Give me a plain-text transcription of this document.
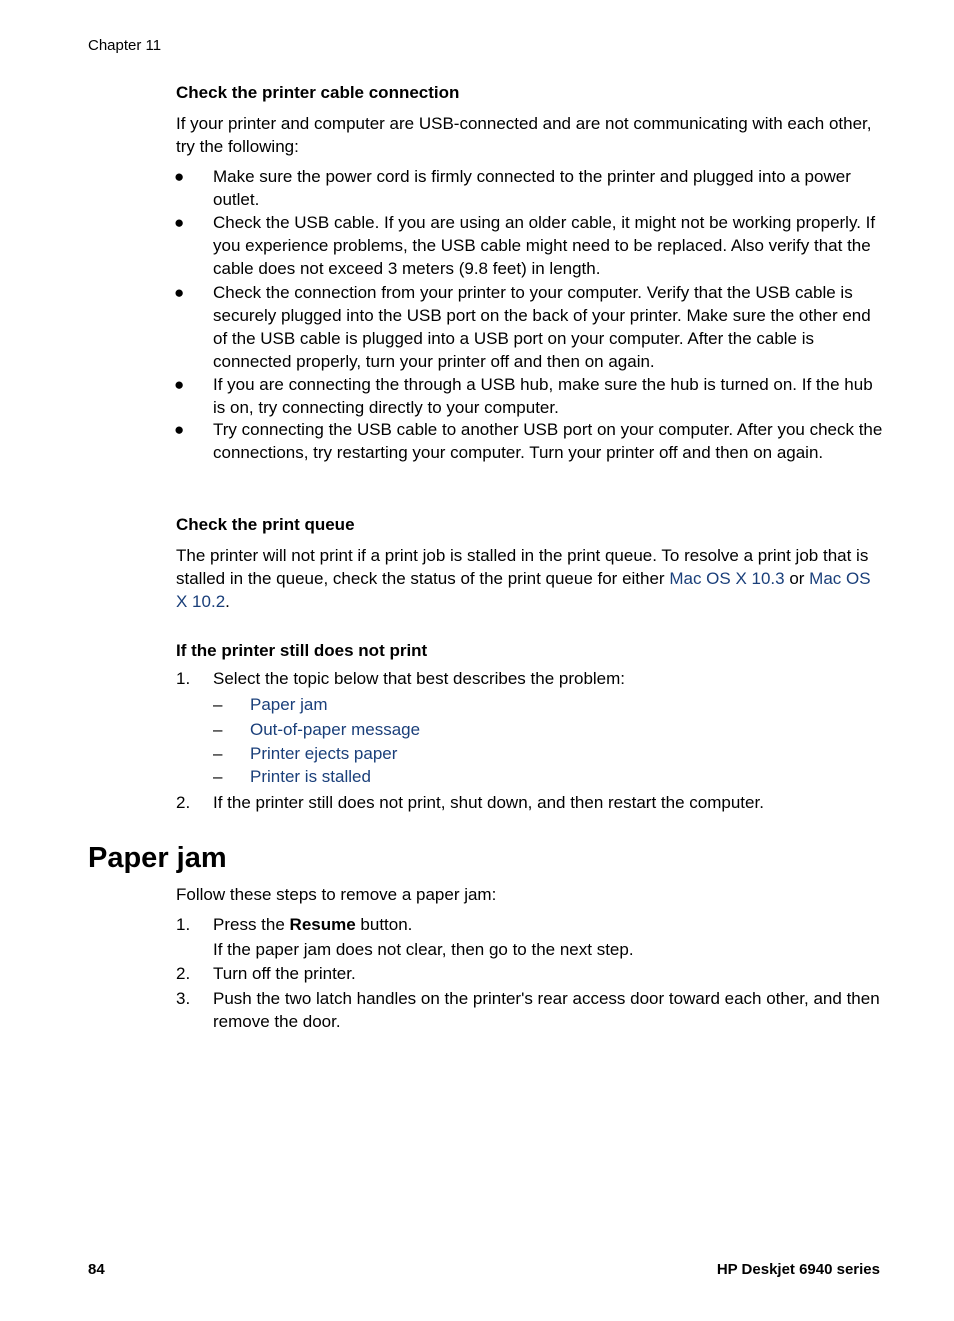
Chapter 11
Check the printer cable connection
If your printer and computer are USB-connected and are not communicating with each other, try the following:
●	Make sure the power cord is firmly connected to the printer and plugged into a power outlet.
●	Check the USB cable. If you are using an older cable, it might not be working properly. If you experience problems, the USB cable might need to be replaced. Also verify that the cable does not exceed 3 meters (9.8 feet) in length.
●	Check the connection from your printer to your computer. Verify that the USB cable is securely plugged into the USB port on the back of your printer. Make sure the other end of the USB cable is plugged into a USB port on your computer. After the cable is connected properly, turn your printer off and then on again.
●	If you are connecting the through a USB hub, make sure the hub is turned on. If the hub is on, try connecting directly to your computer.
●	Try connecting the USB cable to another USB port on your computer. After you check the connections, try restarting your computer. Turn your printer off and then on again.
Check the print queue
The printer will not print if a print job is stalled in the print queue. To resolve a print job that is stalled in the queue, check the status of the print queue for either Mac OS X 10.3 or Mac OS X 10.2.
If the printer still does not print
1.	Select the topic below that best describes the problem:
–	Paper jam
–	Out-of-paper message
–	Printer ejects paper
–	Printer is stalled
2.	If the printer still does not print, shut down, and then restart the computer.
Paper jam
Follow these steps to remove a paper jam:
1.	Press the Resume button.
If the paper jam does not clear, then go to the next step.
2.	Turn off the printer.
3.	Push the two latch handles on the printer's rear access door toward each other, and then remove the door.
84	HP Deskjet 6940 series
